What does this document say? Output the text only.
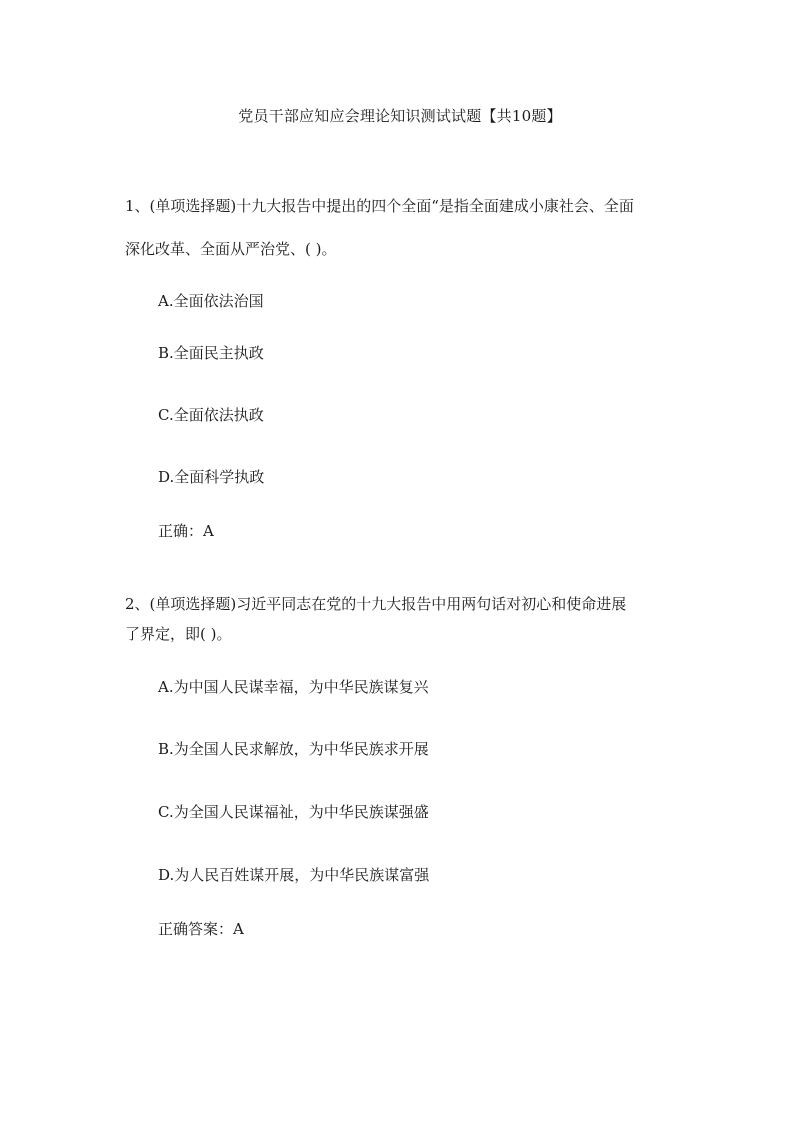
党员干部应知应会理论知识测试试题【共10题】
1、(单项选择题)十九大报告中提出的四个全面“是指全面建成小康社会、全面
深化改革、全面从严治党、( )。
A.全面依法治国
B.全面民主执政
C.全面依法执政
D.全面科学执政
正确：A
2、(单项选择题)习近平同志在党的十九大报告中用两句话对初心和使命进展
了界定，即( )。
A.为中国人民谋幸福，为中华民族谋复兴
B.为全国人民求解放，为中华民族求开展
C.为全国人民谋福祉，为中华民族谋强盛
D.为人民百姓谋开展，为中华民族谋富强
正确答案：A
